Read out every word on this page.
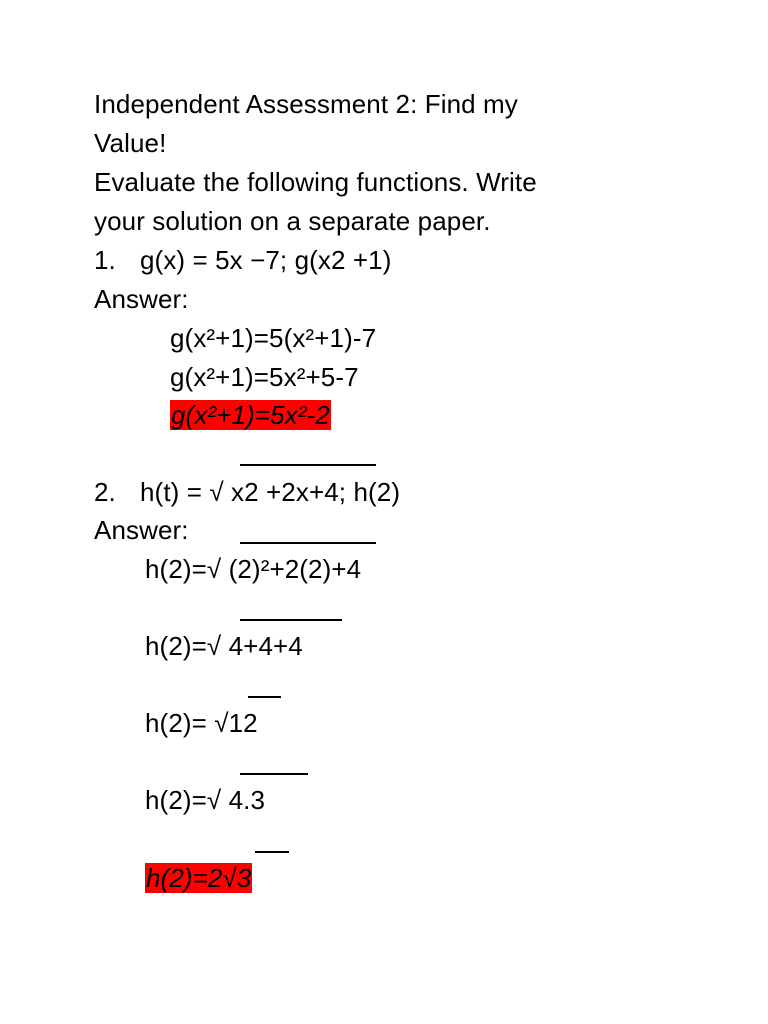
Independent Assessment 2: Find my
Value!
Evaluate the following functions. Write
your solution on a separate paper.
1. g(x) = 5x −7; g(x2 +1)
Answer:
g(x²+1)=5(x²+1)-7
g(x²+1)=5x²+5-7
g(x²+1)=5x²-2
2. h(t) = √ x2 +2x+4; h(2)
Answer:
h(2)=√ (2)²+2(2)+4
h(2)=√ 4+4+4
h(2)= √12
h(2)=√ 4.3
h(2)=2√3
